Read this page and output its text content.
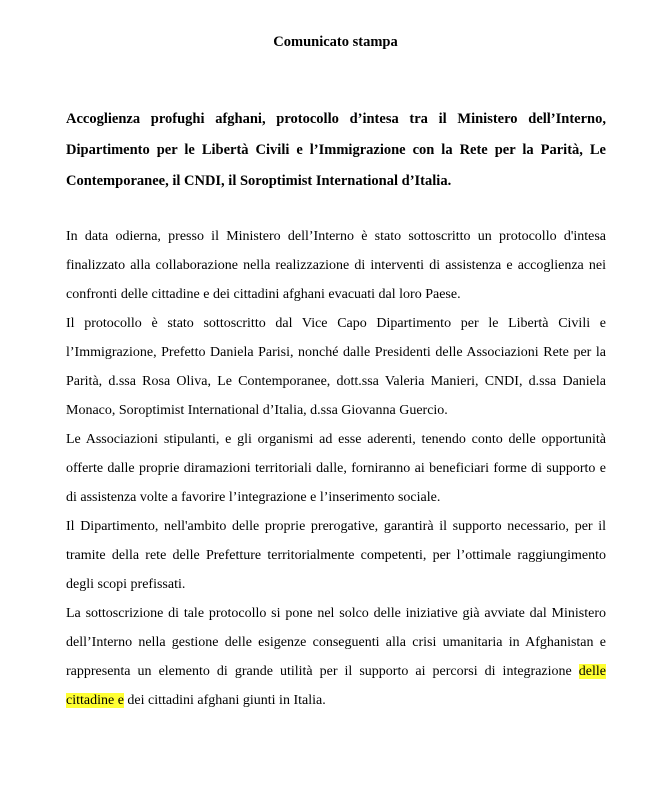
Comunicato stampa
Accoglienza profughi afghani, protocollo d’intesa tra il Ministero dell’Interno, Dipartimento per le Libertà Civili e l’Immigrazione con la Rete per la Parità, Le Contemporanee, il CNDI, il Soroptimist International d’Italia.

In data odierna, presso il Ministero dell’Interno è stato sottoscritto un protocollo d'intesa finalizzato alla collaborazione nella realizzazione di interventi di assistenza e accoglienza nei confronti delle cittadine e dei cittadini afghani evacuati dal loro Paese.

Il protocollo è stato sottoscritto dal Vice Capo Dipartimento per le Libertà Civili e l’Immigrazione, Prefetto Daniela Parisi, nonché dalle Presidenti delle Associazioni Rete per la Parità, d.ssa Rosa Oliva, Le Contemporanee, dott.ssa Valeria Manieri, CNDI, d.ssa Daniela Monaco, Soroptimist International d’Italia, d.ssa Giovanna Guercio.

Le Associazioni stipulanti, e gli organismi ad esse aderenti, tenendo conto delle opportunità offerte dalle proprie diramazioni territoriali dalle, forniranno ai beneficiari forme di supporto e di assistenza volte a favorire l’integrazione e l’inserimento sociale.

Il Dipartimento, nell'ambito delle proprie prerogative, garantirà il supporto necessario, per il tramite della rete delle Prefetture territorialmente competenti, per l’ottimale raggiungimento degli scopi prefissati.

La sottoscrizione di tale protocollo si pone nel solco delle iniziative già avviate dal Ministero dell’Interno nella gestione delle esigenze conseguenti alla crisi umanitaria in Afghanistan e rappresenta un elemento di grande utilità per il supporto ai percorsi di integrazione delle cittadine e dei cittadini afghani giunti in Italia.
